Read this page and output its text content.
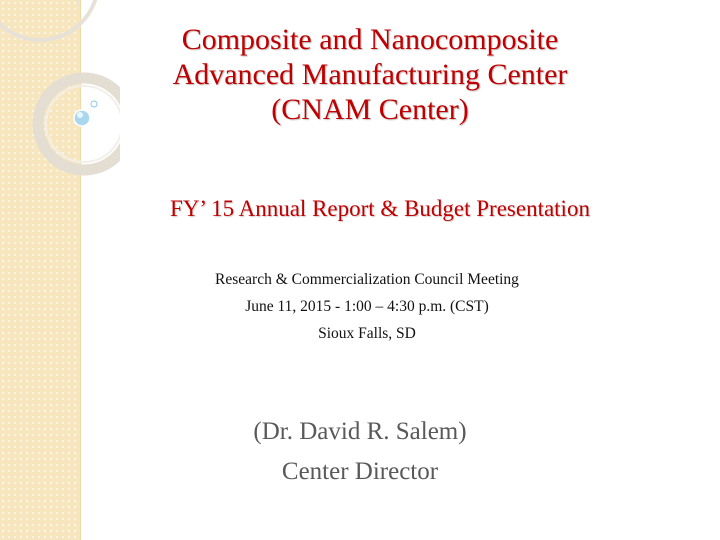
Composite and Nanocomposite
Advanced Manufacturing Center
(CNAM Center)
FY’ 15 Annual Report & Budget Presentation
Research & Commercialization Council Meeting
June 11, 2015 - 1:00 – 4:30 p.m. (CST)
Sioux Falls, SD
(Dr. David R. Salem)
Center Director
